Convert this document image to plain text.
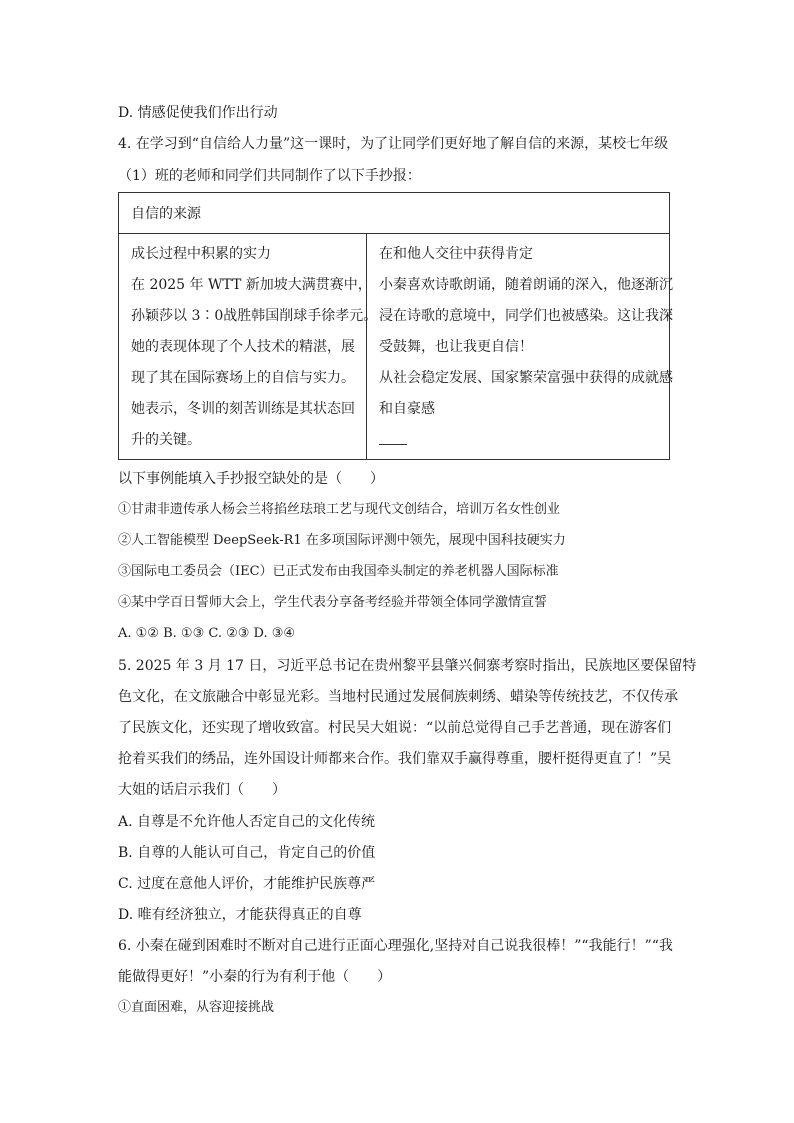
D. 情感促使我们作出行动
4. 在学习到“自信给人力量”这一课时，为了让同学们更好地了解自信的来源，某校七年级
（1）班的老师和同学们共同制作了以下手抄报：
自信的来源
成长过程中积累的实力
在 2025 年 WTT 新加坡大满贯赛中，
孙颖莎以 3∶0战胜韩国削球手徐孝元。
她的表现体现了个人技术的精湛，展
现了其在国际赛场上的自信与实力。
她表示，冬训的刻苦训练是其状态回
升的关键。
在和他人交往中获得肯定
小秦喜欢诗歌朗诵，随着朗诵的深入，他逐渐沉
浸在诗歌的意境中，同学们也被感染。这让我深
受鼓舞，也让我更自信！
从社会稳定发展、国家繁荣富强中获得的成就感
和自豪感
以下事例能填入手抄报空缺处的是（　　）
①甘肃非遗传承人杨会兰将掐丝珐琅工艺与现代文创结合，培训万名女性创业
②人工智能模型 DeepSeek-R1 在多项国际评测中领先，展现中国科技硬实力
③国际电工委员会（IEC）已正式发布由我国牵头制定的养老机器人国际标准
④某中学百日誓师大会上，学生代表分享备考经验并带领全体同学激情宣誓
A. ①② B. ①③ C. ②③ D. ③④
5. 2025 年 3 月 17 日，习近平总书记在贵州黎平县肇兴侗寨考察时指出，民族地区要保留特
色文化，在文旅融合中彰显光彩。当地村民通过发展侗族刺绣、蜡染等传统技艺，不仅传承
了民族文化，还实现了增收致富。村民吴大姐说：“以前总觉得自己手艺普通，现在游客们
抢着买我们的绣品，连外国设计师都来合作。我们靠双手赢得尊重，腰杆挺得更直了！”吴
大姐的话启示我们（　　）
A. 自尊是不允许他人否定自己的文化传统
B. 自尊的人能认可自己，肯定自己的价值
C. 过度在意他人评价，才能维护民族尊严
D. 唯有经济独立，才能获得真正的自尊
6. 小秦在碰到困难时不断对自己进行正面心理强化,坚持对自己说我很棒！”“我能行！”“我
能做得更好！”小秦的行为有利于他（　　）
①直面困难，从容迎接挑战
